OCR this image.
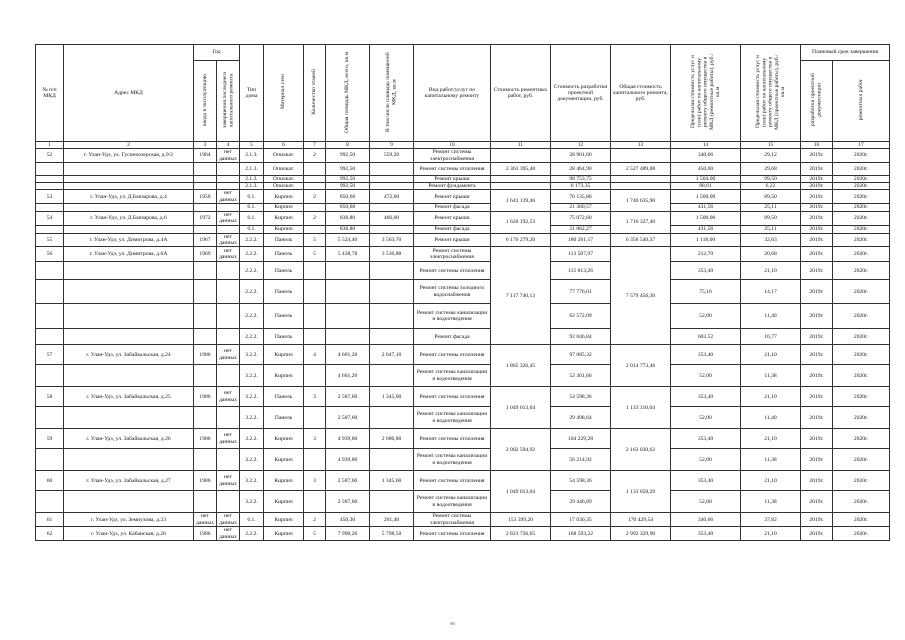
№ п/п МКД	Адрес МКД	Год		Тип дома	Материал стен	Количество этажей	Общая площадь МКД, всего, кв.м	В том числе площадь помещений МКД, кв.м	Вид работ/услуг по капитальному ремонту	Стоимость ремонтных работ, руб.	Стоимость разработки проектной документации, руб.	Общая стоимость капитального ремонта, руб.	Предельная стоимость услуг и (или) работ по капитальному ремонту общего имущества в МКД (ремонтные работы), руб./кв.м	Предельная стоимость услуг и (или) работ по капитальному ремонту общего имущества в МКД (проектные работы), руб./кв.м	Плановый срок завершения	
		ввода в эксплуатацию	завершения последнего капитального ремонта												разработки проектной документации	ремонтных работ
1	2	3	4	5	6	7	8	9	10	11	12	13	14	15	16	17
52	г. Улан-Удэ, ул. Гусиноозерская, д.9/2	1964	нет данных	2.1.3.	Опилкат.	2	992,50	559,20	Ремонт системы электроснабжения		28 901,60		340,66	29,12	2019г.	2020г.
				2.1.3.	Опилкат.		992,50		Ремонт системы отопления	2 363 395,48	28 464,90	2 527 489,08	450,00	29,68	2019г.	2020г.
				2.1.3.	Опилкат.		992,50		Ремонт крыши		98 753,75		1 504,00	99,50	2019г.	2020г.
				2.1.3.	Опилкат.		992,50		Ремонт фундамента		6 173,35		88,61	6,22	2019г.	2020г.
53	г. Улан-Удэ, ул. Д.Банзарова, д.4	1950	нет данных	6.1.	Кирпич	2	850,68	472,60	Ремонт крыши	1 643 139,46	76 135,86	1 740 635,90	1 500,00	89,50	2019г.	2020г.
				6.1.	Кирпич		850,68		Ремонт фасада		21 360,57		431,56	25,11	2019г.	2020г.
54	г. Улан-Удэ, ул. Д.Банзарова, д.6	1972	нет данных	6.1.	Кирпич	2	838,80	466,00	Ремонт крыши	1 620 192,53	75 072,60	1 716 327,40	1 500,00	89,50	2019г.	2020г.
				6.1.	Кирпич		838,80		Ремонт фасада		21 062,27		431,56	25,11	2019г.	2020г.
55	г. Улан-Удэ, ул. Димитрова, д.4А	1967	нет данных	2.2.2.	Панель	5	5 524,40	3 563,70	Ремонт крыши	6 176 279,20	180 261,17	6 356 540,37	1 118,00	32,63	2019г.	2020г.
56	г. Улан-Удэ, ул. Димитрова, д.6А	1969	нет данных	2.2.2.	Панель	5	5 438,78	3 536,88	Ремонт системы электроснабжения	7 117 740,13	113 507,97	7 579 456,30	212,70	20,68	2019г.	2020г.
				2.2.2.	Панель				Ремонт системы отопления		115 813,26		353,40	21,10	2019г.	2020г.
				2.2.2.	Панель				Ремонт системы холодного водоснабжения		77 776,01		75,16	14,17	2019г.	2020г.
				2.2.2.	Панель				Ремонт системы канализации и водоотведения		62 572,09		52,00	11,40	2019г.	2020г.
				2.2.2.	Панель				Ремонт фасада		92 046,84		603,52	16,77	2019г.	2020г.
57	г. Улан-Удэ, ул. Забайкальская, д.24	1986	нет данных	3.2.2.	Кирпич	4	4 601,20	2 647,10	Ремонт системы отопления	1 865 326,45	97 085,32	2 014 773,46	353,40	21,10	2019г.	2020г.
				3.2.2.	Кирпич		4 601,20		Ремонт системы канализации и водоотведения		52 361,66		52,00	11,38	2019г.	2020г.
58	г. Улан-Удэ, ул. Забайкальская, д.25	1986	нет данных	3.2.2.	Панель	3	2 587,60	1 345,60	Ремонт системы отопления	1 049 013,04	54 598,36	1 133 110,04	353,40	21,10	2019г.	2020г.
				3.2.2.	Панель		2 587,60		Ремонт системы канализации и водоотведения		29 498,64		52,00	11,40	2019г.	2020г.
59	г. Улан-Удэ, ул. Забайкальская, д.26	1986	нет данных	3.2.2.	Кирпич	3	4 939,80	2 680,80	Ремонт системы отопления	2 002 594,92	104 229,28	2 163 030,62	353,40	21,10	2019г.	2020г.
				3.2.2.	Кирпич		4 939,80		Ремонт системы канализации и водоотведения		56 214,92		52,00	11,38	2019г.	2020г.
60	г. Улан-Удэ, ул. Забайкальская, д.27	1986	нет данных	3.2.2.	Кирпич	3	2 587,60	1 345,60	Ремонт системы отопления	1 049 013,04	54 598,36	1 133 058,29	353,40	21,10	2019г.	2020г.
				3.2.2.	Кирпич		2 587,60		Ремонт системы канализации и водоотведения		29 446,89		52,00	11,38	2019г.	2020г.
61	г. Улан-Удэ, ул. Земнухова, д.23	нет данных	нет данных	6.1.	Кирпич	2	450,30	261,40	Ремонт системы электроснабжения	153 399,20	17 030,35	170 429,54	340,66	37,82	2019г.	2020г.
62	г. Улан-Удэ, ул. Кабанская, д.20	1986	нет данных	2.2.2.	Кирпич	5	7 990,20	5 798,50	Ремонт системы отопления	2 823 736,65	168 593,22	2 992 329,90	353,40	21,10	2019г.	2020г.
86
